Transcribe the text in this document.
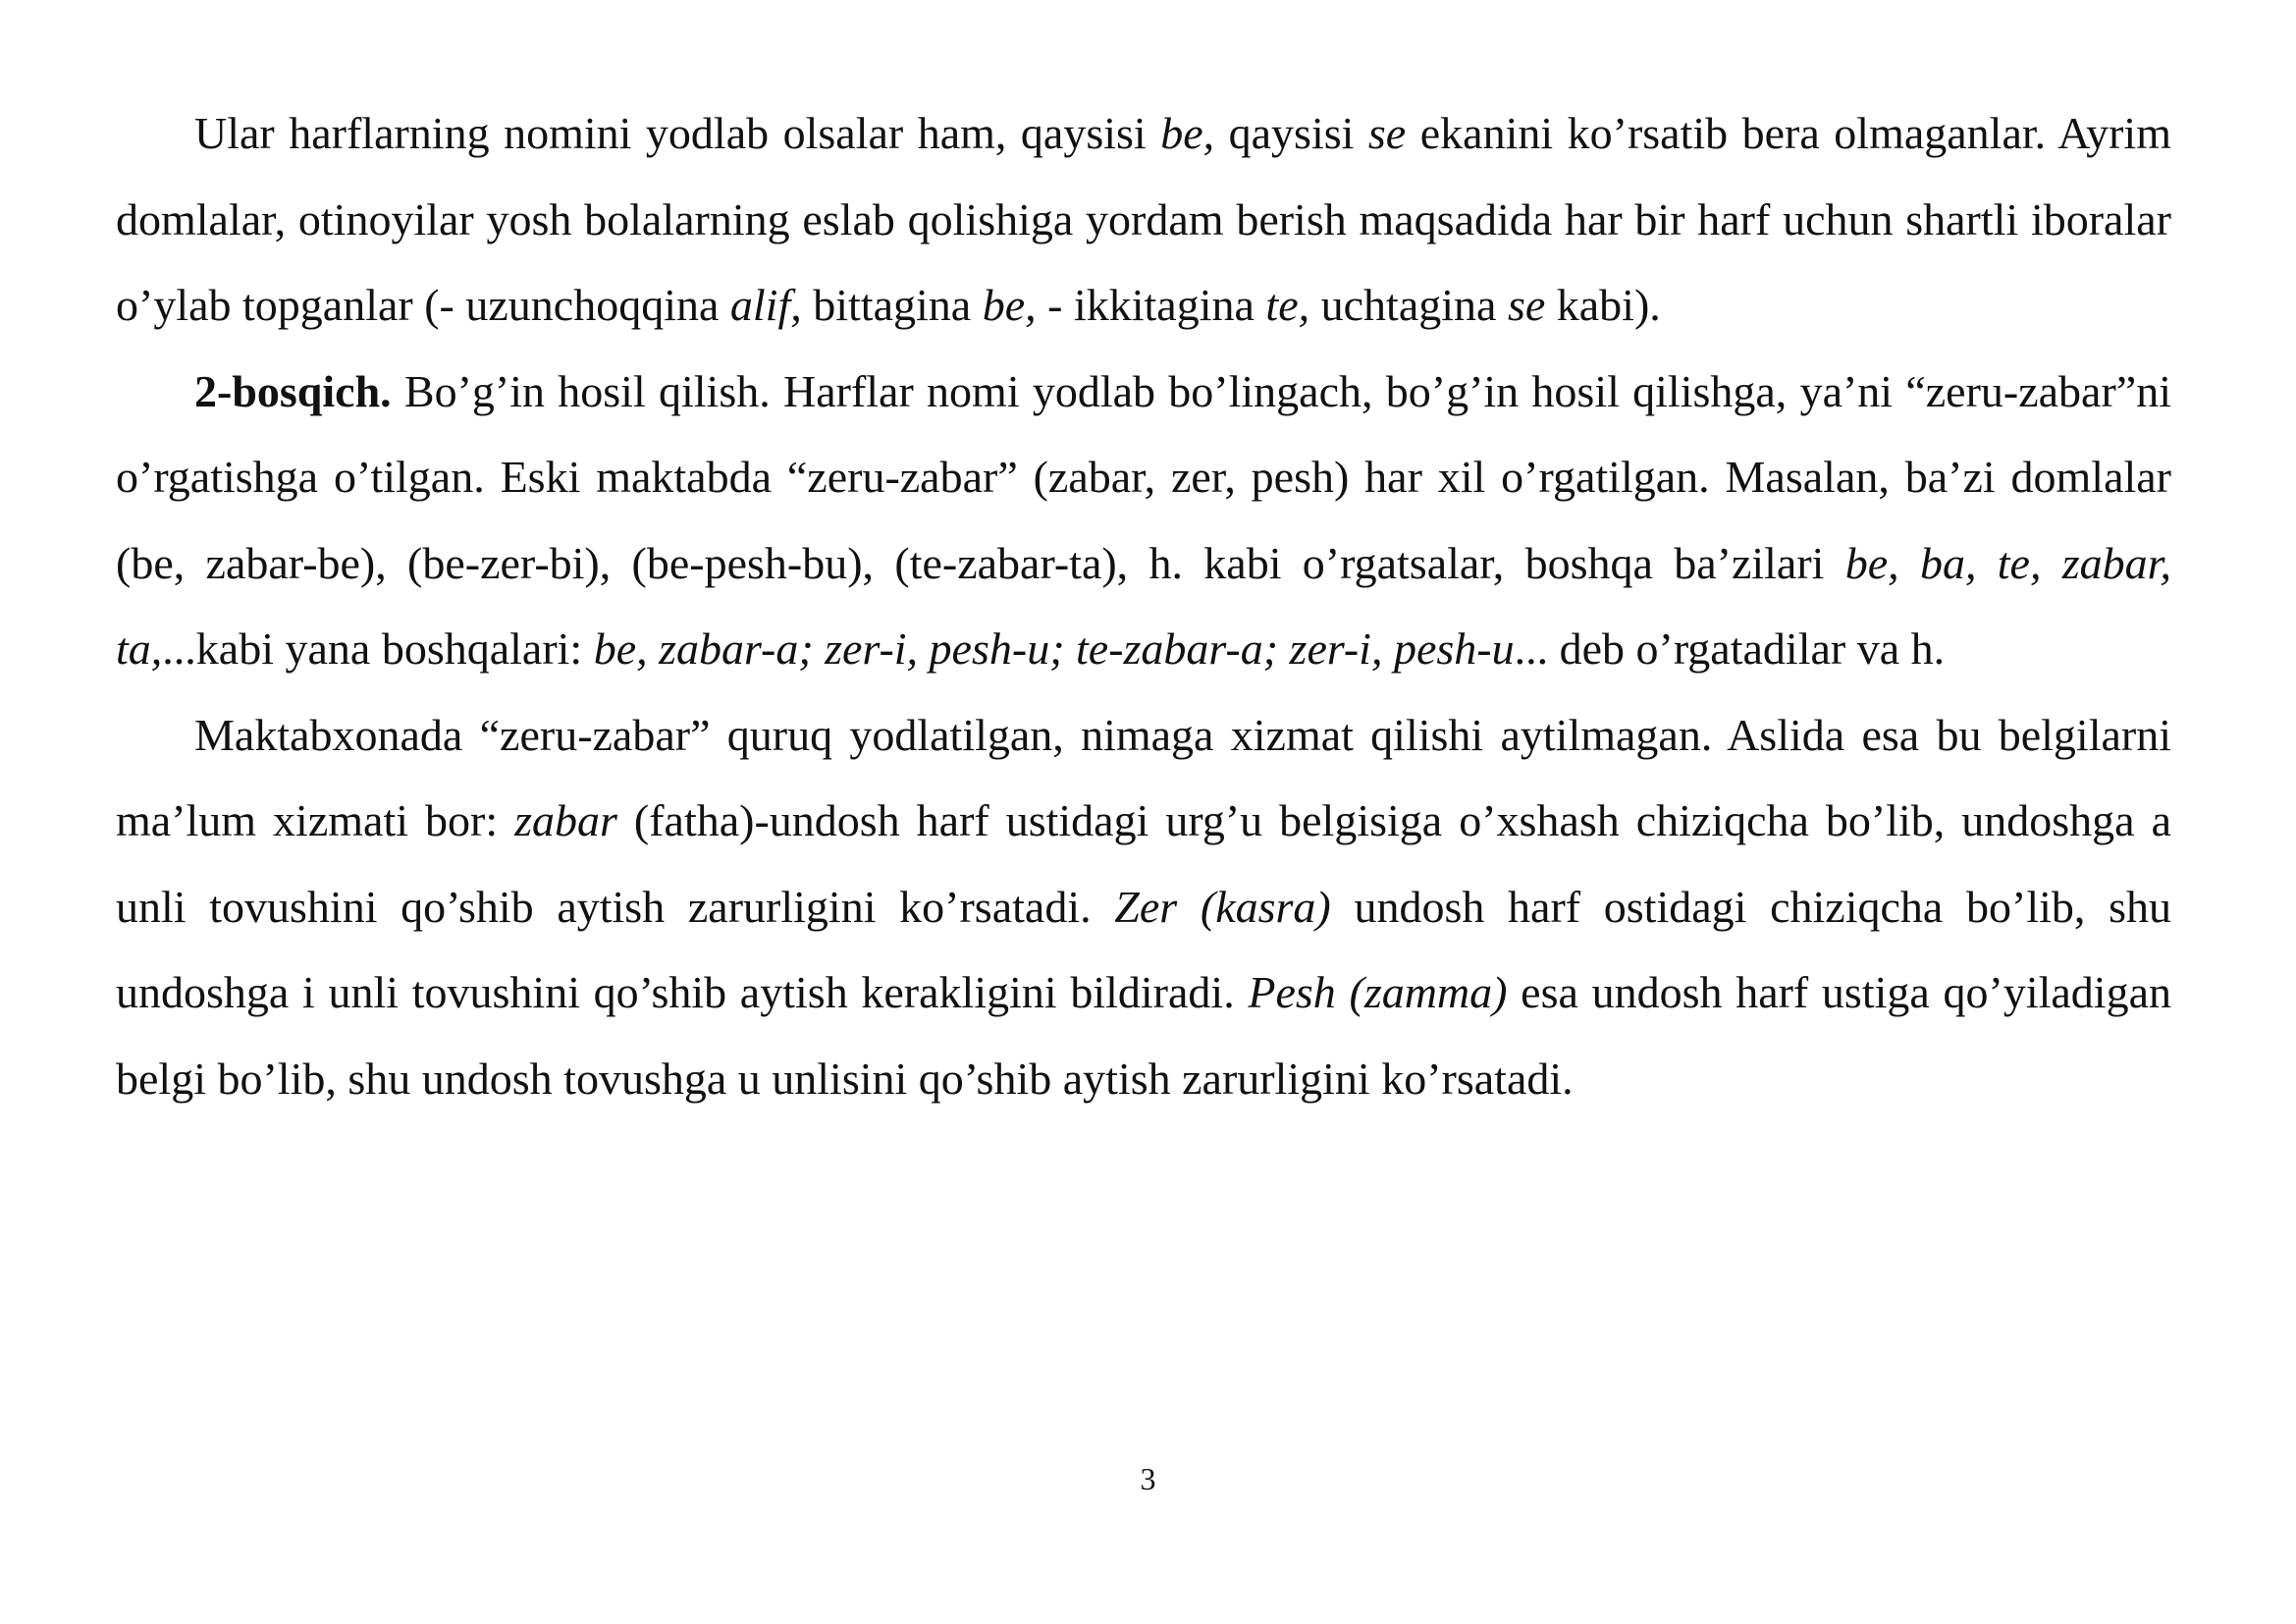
Ular harflarning nomini yodlab olsalar ham, qaysisi be, qaysisi se ekanini ko’rsatib bera olmaganlar. Ayrim domlalar, otinoyilar yosh bolalarning eslab qolishiga yordam berish maqsadida har bir harf uchun shartli iboralar o’ylab topganlar (- uzunchoqqina alif, bittagina be, - ikkitagina te, uchtagina se kabi).

2-bosqich. Bo’g’in hosil qilish. Harflar nomi yodlab bo’lingach, bo’g’in hosil qilishga, ya’ni “zeru-zabar”ni o’rgatishga o’tilgan. Eski maktabda “zeru-zabar” (zabar, zer, pesh) har xil o’rgatilgan. Masalan, ba’zi domlalar (be, zabar-be), (be-zer-bi), (be-pesh-bu), (te-zabar-ta), h. kabi o’rgatsalar, boshqa ba’zilari be, ba, te, zabar, ta,...kabi yana boshqalari: be, zabar-a; zer-i, pesh-u; te-zabar-a; zer-i, pesh-u... deb o’rgatadilar va h.

Maktabxonada “zeru-zabar” quruq yodlatilgan, nimaga xizmat qilishi aytilmagan. Aslida esa bu belgilarni ma’lum xizmati bor: zabar (fatha)-undosh harf ustidagi urg’u belgisiga o’xshash chiziqcha bo’lib, undoshga a unli tovushini qo’shib aytish zarurligini ko’rsatadi. Zer (kasra) undosh harf ostidagi chiziqcha bo’lib, shu undoshga i unli tovushini qo’shib aytish kerakligini bildiradi. Pesh (zamma) esa undosh harf ustiga qo’yiladigan belgi bo’lib, shu undosh tovushga u unlisini qo’shib aytish zarurligini ko’rsatadi.

3
